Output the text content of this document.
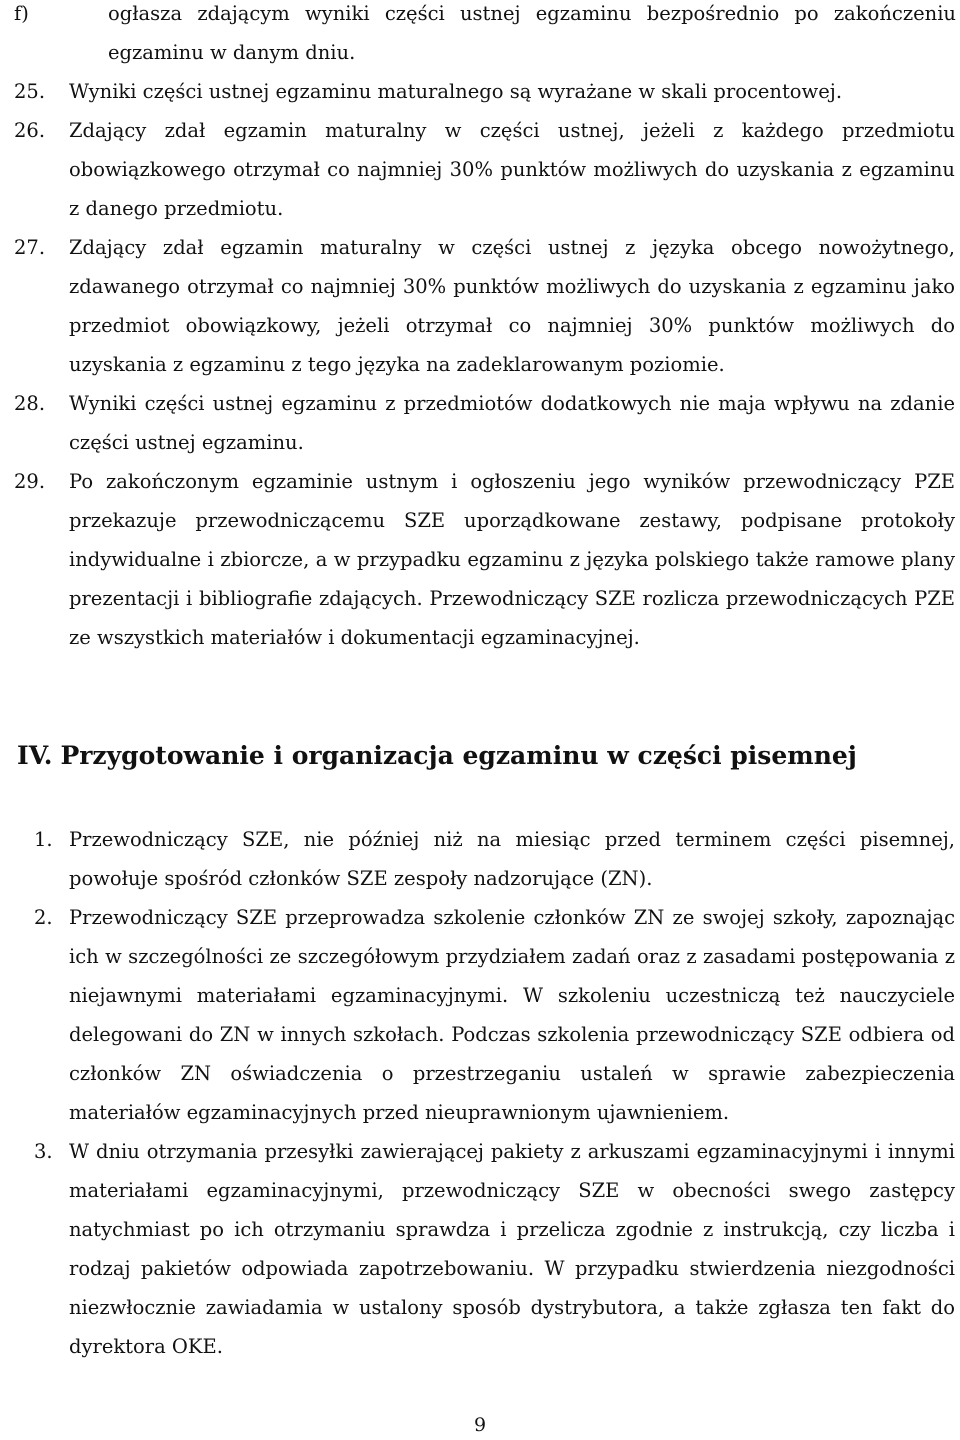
f)	ogłasza zdającym wyniki części ustnej egzaminu bezpośrednio po zakończeniu egzaminu w danym dniu.
25.	Wyniki części ustnej egzaminu maturalnego są wyrażane w skali procentowej.
26.	Zdający zdał egzamin maturalny w części ustnej, jeżeli z każdego przedmiotu obowiązkowego otrzymał co najmniej 30% punktów możliwych do uzyskania z egzaminu z danego przedmiotu.
27.	Zdający zdał egzamin maturalny w części ustnej z języka obcego nowożytnego, zdawanego otrzymał co najmniej 30% punktów możliwych do uzyskania z egzaminu jako przedmiot obowiązkowy, jeżeli otrzymał co najmniej 30% punktów możliwych do uzyskania z egzaminu z tego języka na zadeklarowanym poziomie.
28.	Wyniki części ustnej egzaminu z przedmiotów dodatkowych nie maja wpływu na zdanie części ustnej egzaminu.
29.	Po zakończonym egzaminie ustnym i ogłoszeniu jego wyników przewodniczący PZE przekazuje przewodniczącemu SZE uporządkowane zestawy, podpisane protokoły indywidualne i zbiorcze, a w przypadku egzaminu z języka polskiego także ramowe plany prezentacji i bibliografie zdających. Przewodniczący SZE rozlicza przewodniczących PZE ze wszystkich materiałów i dokumentacji egzaminacyjnej.
IV. Przygotowanie i organizacja egzaminu w części pisemnej
1. Przewodniczący SZE, nie później niż na miesiąc przed terminem części pisemnej, powołuje spośród członków SZE zespoły nadzorujące (ZN).
2. Przewodniczący SZE przeprowadza szkolenie członków ZN ze swojej szkoły, zapoznając ich w szczególności ze szczegółowym przydziałem zadań oraz z zasadami postępowania z niejawnymi materiałami egzaminacyjnymi. W szkoleniu uczestniczą też nauczyciele delegowani do ZN w innych szkołach. Podczas szkolenia przewodniczący SZE odbiera od członków ZN oświadczenia o przestrzeganiu ustaleń w sprawie zabezpieczenia materiałów egzaminacyjnych przed nieuprawnionym ujawnieniem.
3. W dniu otrzymania przesyłki zawierającej pakiety z arkuszami egzaminacyjnymi i innymi materiałami egzaminacyjnymi, przewodniczący SZE w obecności swego zastępcy natychmiast po ich otrzymaniu sprawdza i przelicza zgodnie z instrukcją, czy liczba i rodzaj pakietów odpowiada zapotrzebowaniu. W przypadku stwierdzenia niezgodności niezwłocznie zawiadamia w ustalony sposób dystrybutora, a także zgłasza ten fakt do dyrektora OKE.
9
